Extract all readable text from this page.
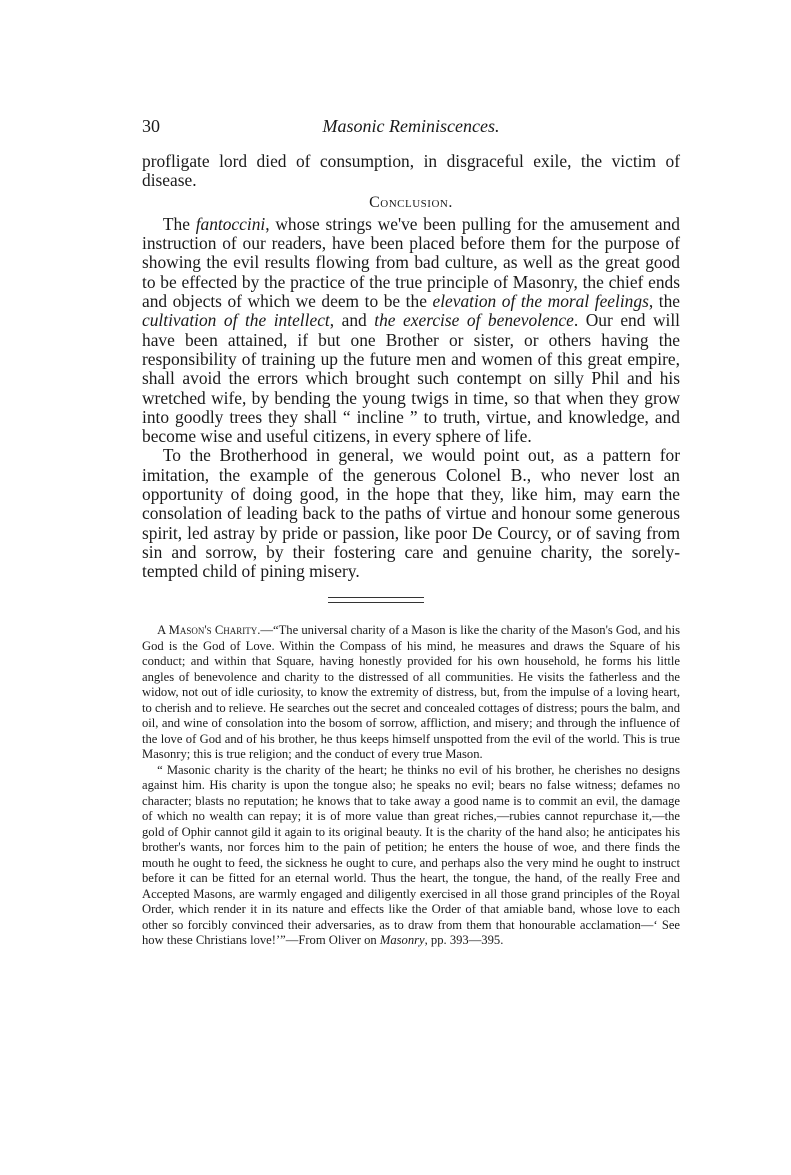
30	Masonic Reminiscences.

profligate lord died of consumption, in disgraceful exile, the victim of disease.

Conclusion.

The fantoccini, whose strings we've been pulling for the amusement and instruction of our readers, have been placed before them for the purpose of showing the evil results flowing from bad culture, as well as the great good to be effected by the practice of the true principle of Masonry, the chief ends and objects of which we deem to be the elevation of the moral feelings, the cultivation of the intellect, and the exercise of benevolence. Our end will have been attained, if but one Brother or sister, or others having the responsibility of training up the future men and women of this great empire, shall avoid the errors which brought such contempt on silly Phil and his wretched wife, by bending the young twigs in time, so that when they grow into goodly trees they shall “ incline ” to truth, virtue, and knowledge, and become wise and useful citizens, in every sphere of life.

To the Brotherhood in general, we would point out, as a pattern for imitation, the example of the generous Colonel B., who never lost an opportunity of doing good, in the hope that they, like him, may earn the consolation of leading back to the paths of virtue and honour some generous spirit, led astray by pride or passion, like poor De Courcy, or of saving from sin and sorrow, by their fostering care and genuine charity, the sorely-tempted child of pining misery.

A Mason's Charity.—“The universal charity of a Mason is like the charity of the Mason's God, and his God is the God of Love. Within the Compass of his mind, he measures and draws the Square of his conduct; and within that Square, having honestly provided for his own household, he forms his little angles of benevolence and charity to the distressed of all communities. He visits the fatherless and the widow, not out of idle curiosity, to know the extremity of distress, but, from the impulse of a loving heart, to cherish and to relieve. He searches out the secret and concealed cottages of distress; pours the balm, and oil, and wine of consolation into the bosom of sorrow, affliction, and misery; and through the influence of the love of God and of his brother, he thus keeps himself unspotted from the evil of the world. This is true Masonry; this is true religion; and the conduct of every true Mason.

“ Masonic charity is the charity of the heart; he thinks no evil of his brother, he cherishes no designs against him. His charity is upon the tongue also; he speaks no evil; bears no false witness; defames no character; blasts no reputation; he knows that to take away a good name is to commit an evil, the damage of which no wealth can repay; it is of more value than great riches,—rubies cannot repurchase it,—the gold of Ophir cannot gild it again to its original beauty. It is the charity of the hand also; he anticipates his brother's wants, nor forces him to the pain of petition; he enters the house of woe, and there finds the mouth he ought to feed, the sickness he ought to cure, and perhaps also the very mind he ought to instruct before it can be fitted for an eternal world. Thus the heart, the tongue, the hand, of the really Free and Accepted Masons, are warmly engaged and diligently exercised in all those grand principles of the Royal Order, which render it in its nature and effects like the Order of that amiable band, whose love to each other so forcibly convinced their adversaries, as to draw from them that honourable acclamation—‘ See how these Christians love!’”—From Oliver on Masonry, pp. 393—395.
